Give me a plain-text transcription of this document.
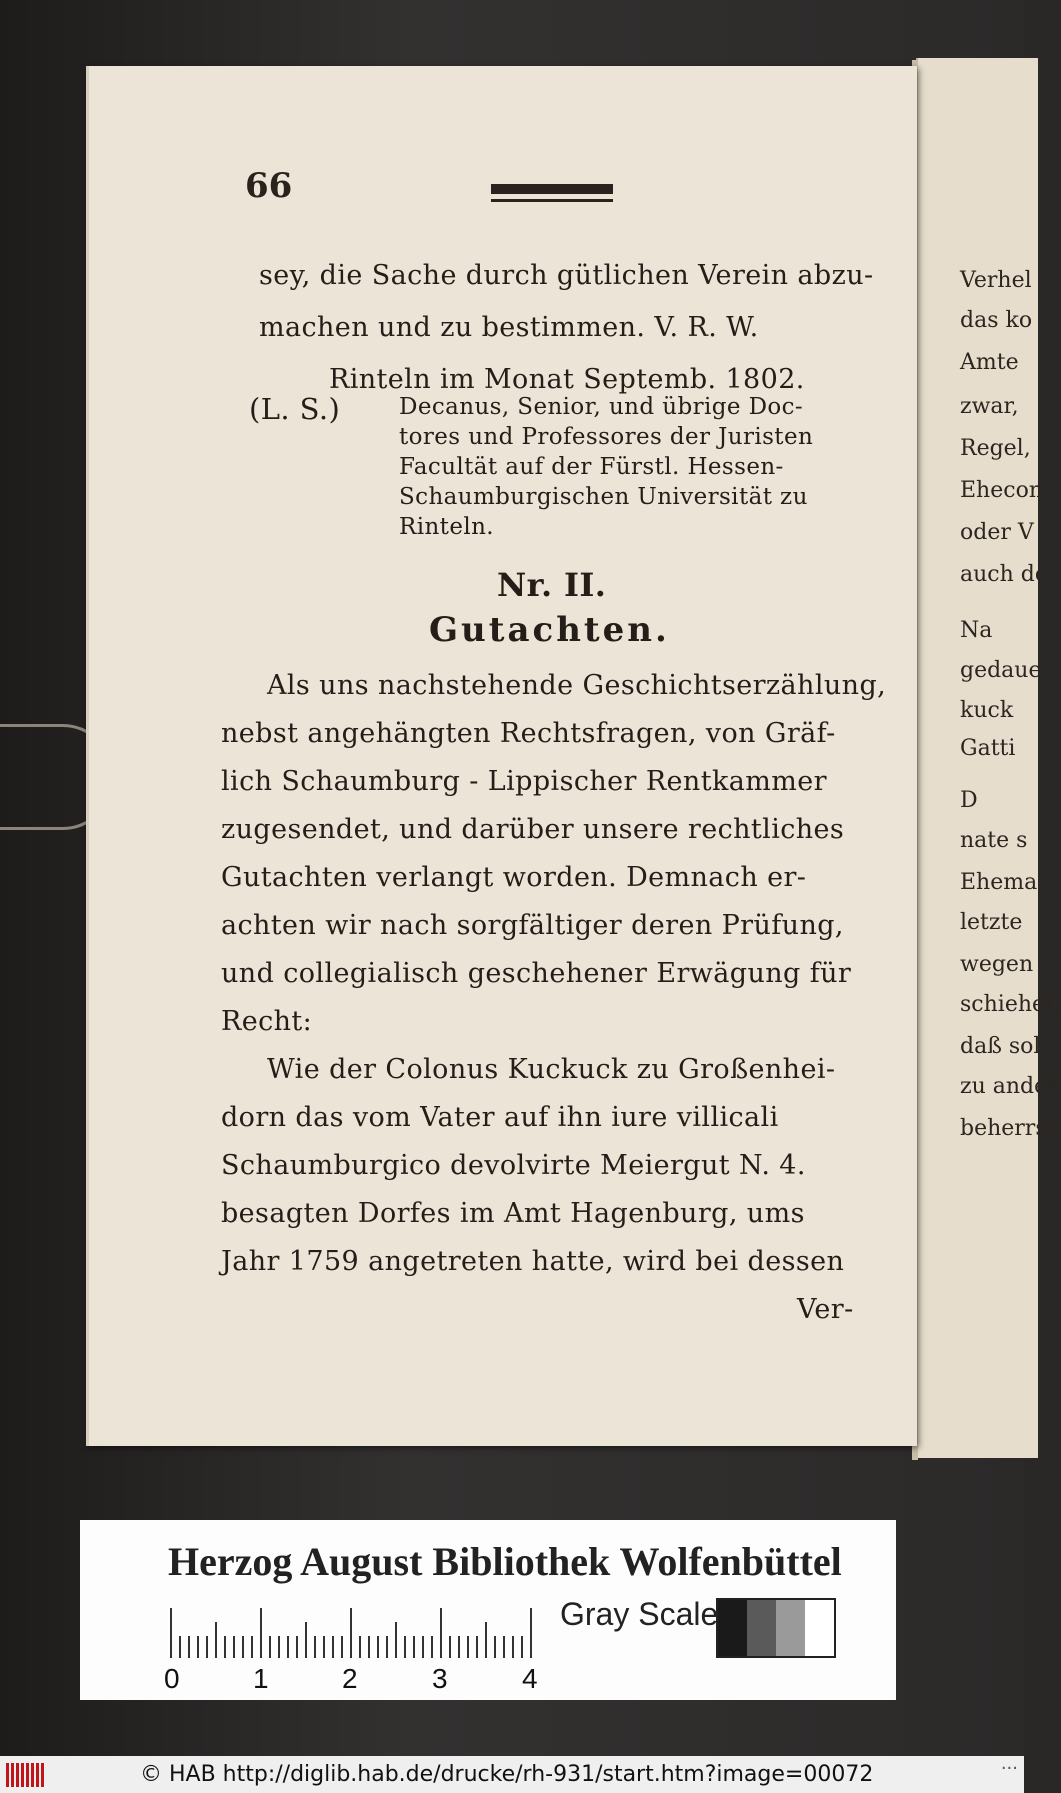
Verhel
das ko
Amte
zwar,
Regel,
Ehecon
oder V
auch de
Na
gedaue
kuck
Gatti
D
nate s
Ehema
letzte
wegen
schiehet,
daß sol
zu ander
beherrsc
66
sey, die Sache durch gütlichen Verein abzu-
machen und zu bestimmen. V. R. W.
Rinteln im Monat Septemb. 1802.
(L. S.)	Decanus, Senior, und übrige Doc-
tores und Professores der Juristen
Facultät auf der Fürstl. Hessen-
Schaumburgischen Universität zu
Rinteln.
Nr. II.
Gutachten.
Als uns nachstehende Geschichtserzählung,
nebst angehängten Rechtsfragen, von Gräf-
lich Schaumburg - Lippischer Rentkammer
zugesendet, und darüber unsere rechtliches
Gutachten verlangt worden. Demnach er-
achten wir nach sorgfältiger deren Prüfung,
und collegialisch geschehener Erwägung für
Recht:
Wie der Colonus Kuckuck zu Großenhei-
dorn das vom Vater auf ihn iure villicali
Schaumburgico devolvirte Meiergut N. 4.
besagten Dorfes im Amt Hagenburg, ums
Jahr 1759 angetreten hatte, wird bei dessen
Ver-
Herzog August Bibliothek Wolfenbüttel
0	1	2	3	4
Gray Scale
© HAB http://diglib.hab.de/drucke/rh-931/start.htm?image=00072	···
